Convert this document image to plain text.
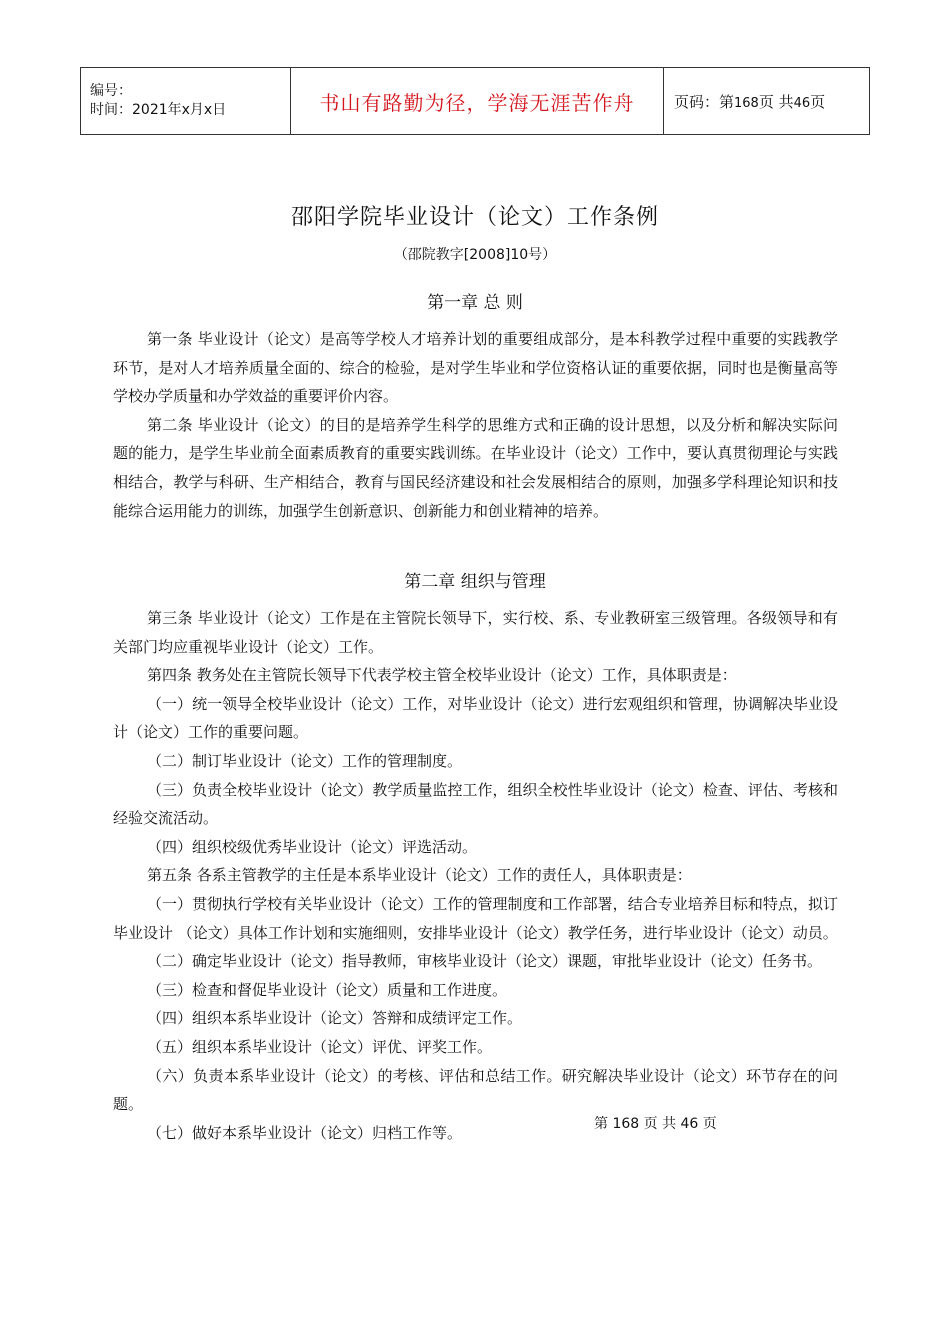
编号：
时间：2021年x月x日	书山有路勤为径，学海无涯苦作舟	页码：第168页 共46页
邵阳学院毕业设计（论文）工作条例
（邵院教字[2008]10号）
第一章 总 则

第一条 毕业设计（论文）是高等学校人才培养计划的重要组成部分，是本科教学过程中重要的实践教学环节，是对人才培养质量全面的、综合的检验，是对学生毕业和学位资格认证的重要依据，同时也是衡量高等学校办学质量和办学效益的重要评价内容。

第二条 毕业设计（论文）的目的是培养学生科学的思维方式和正确的设计思想，以及分析和解决实际问题的能力，是学生毕业前全面素质教育的重要实践训练。在毕业设计（论文）工作中，要认真贯彻理论与实践相结合，教学与科研、生产相结合，教育与国民经济建设和社会发展相结合的原则，加强多学科理论知识和技能综合运用能力的训练，加强学生创新意识、创新能力和创业精神的培养。

第二章 组织与管理

第三条 毕业设计（论文）工作是在主管院长领导下，实行校、系、专业教研室三级管理。各级领导和有关部门均应重视毕业设计（论文）工作。

第四条 教务处在主管院长领导下代表学校主管全校毕业设计（论文）工作，具体职责是：

（一）统一领导全校毕业设计（论文）工作，对毕业设计（论文）进行宏观组织和管理，协调解决毕业设计（论文）工作的重要问题。

（二）制订毕业设计（论文）工作的管理制度。

（三）负责全校毕业设计（论文）教学质量监控工作，组织全校性毕业设计（论文）检查、评估、考核和经验交流活动。

（四）组织校级优秀毕业设计（论文）评选活动。

第五条 各系主管教学的主任是本系毕业设计（论文）工作的责任人，具体职责是：

（一）贯彻执行学校有关毕业设计（论文）工作的管理制度和工作部署，结合专业培养目标和特点，拟订毕业设计 （论文）具体工作计划和实施细则，安排毕业设计（论文）教学任务，进行毕业设计（论文）动员。

（二）确定毕业设计（论文）指导教师，审核毕业设计（论文）课题，审批毕业设计（论文）任务书。

（三）检查和督促毕业设计（论文）质量和工作进度。

（四）组织本系毕业设计（论文）答辩和成绩评定工作。

（五）组织本系毕业设计（论文）评优、评奖工作。

（六）负责本系毕业设计（论文）的考核、评估和总结工作。研究解决毕业设计（论文）环节存在的问题。

（七）做好本系毕业设计（论文）归档工作等。	第 168 页 共 46 页
